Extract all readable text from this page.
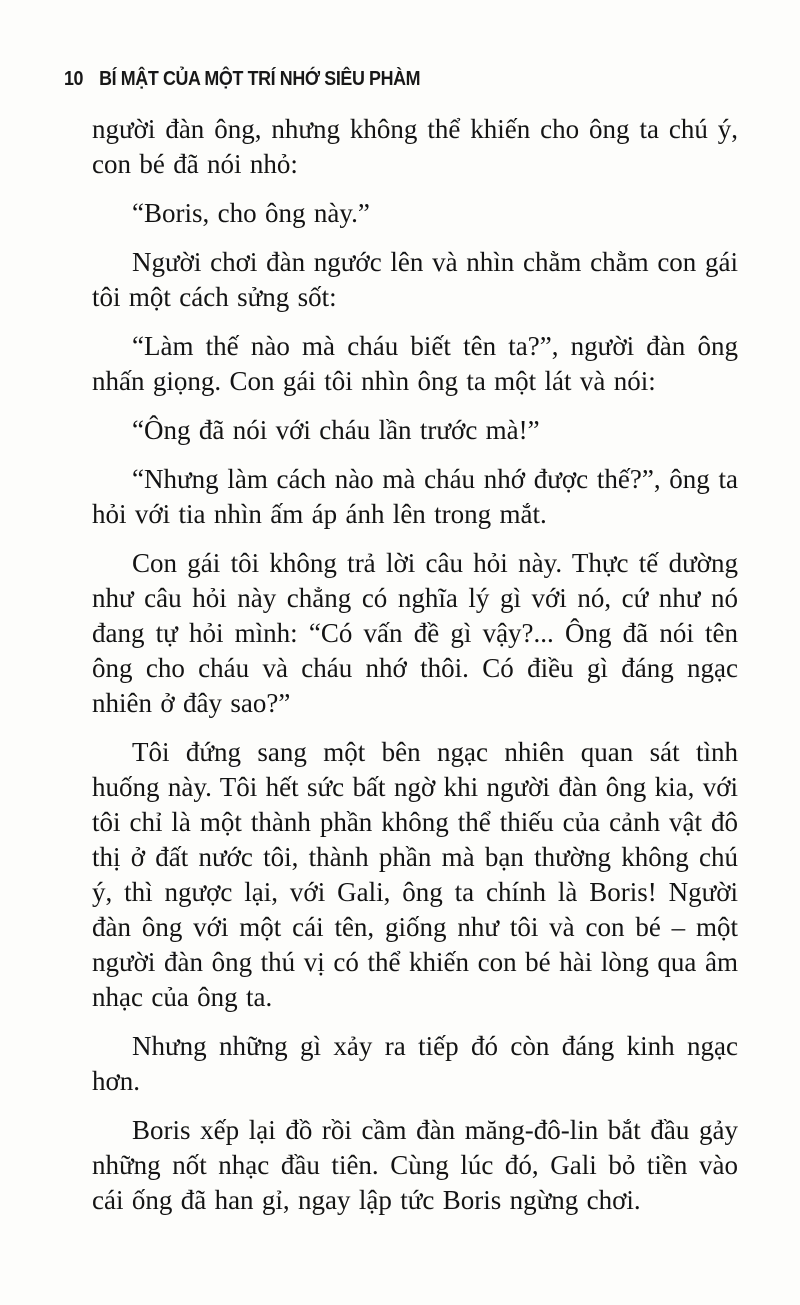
10 BÍ MẬT CỦA MỘT TRÍ NHỚ SIÊU PHÀM

người đàn ông, nhưng không thể khiến cho ông ta chú ý, con bé đã nói nhỏ:

“Boris, cho ông này.”

Người chơi đàn ngước lên và nhìn chằm chằm con gái tôi một cách sửng sốt:

“Làm thế nào mà cháu biết tên ta?”, người đàn ông nhấn giọng. Con gái tôi nhìn ông ta một lát và nói:

“Ông đã nói với cháu lần trước mà!”

“Nhưng làm cách nào mà cháu nhớ được thế?”, ông ta hỏi với tia nhìn ấm áp ánh lên trong mắt.

Con gái tôi không trả lời câu hỏi này. Thực tế dường như câu hỏi này chẳng có nghĩa lý gì với nó, cứ như nó đang tự hỏi mình: “Có vấn đề gì vậy?... Ông đã nói tên ông cho cháu và cháu nhớ thôi. Có điều gì đáng ngạc nhiên ở đây sao?”

Tôi đứng sang một bên ngạc nhiên quan sát tình huống này. Tôi hết sức bất ngờ khi người đàn ông kia, với tôi chỉ là một thành phần không thể thiếu của cảnh vật đô thị ở đất nước tôi, thành phần mà bạn thường không chú ý, thì ngược lại, với Gali, ông ta chính là Boris! Người đàn ông với một cái tên, giống như tôi và con bé – một người đàn ông thú vị có thể khiến con bé hài lòng qua âm nhạc của ông ta.

Nhưng những gì xảy ra tiếp đó còn đáng kinh ngạc hơn.

Boris xếp lại đồ rồi cầm đàn măng-đô-lin bắt đầu gảy những nốt nhạc đầu tiên. Cùng lúc đó, Gali bỏ tiền vào cái ống đã han gỉ, ngay lập tức Boris ngừng chơi.
